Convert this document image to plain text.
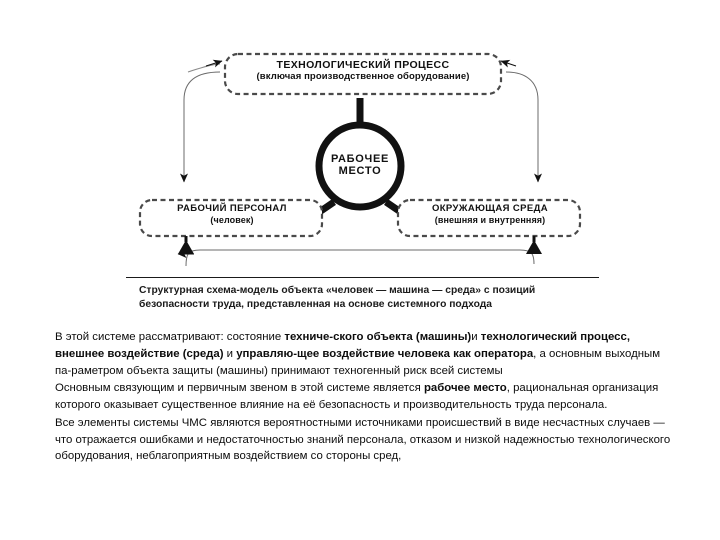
ТЕХНОЛОГИЧЕСКИЙ ПРОЦЕСС
(включая производственное оборудование)
РАБОЧИЙ ПЕРСОНАЛ
(человек)
ОКРУЖАЮЩАЯ СРЕДА
(внешняя и внутренняя)
РАБОЧЕЕ
МЕСТО
Структурная схема-модель объекта «человек — машина — среда» с позиций безопасности труда, представленная на основе системного подхода

В этой системе рассматривают: состояние техниче-ского объекта (машины)и технологический процесс, внешнее воздействие (среда) и управляю-щее воздействие человека как оператора, а основным выходным па-раметром объекта защиты (машины) принимают техногенный риск всей системы

Основным связующим и первичным звеном в этой системе является рабочее место, рациональная организация которого оказывает существенное влияние на её безопасность и производительность труда персонала.

Все элементы системы ЧМС являются вероятностными источниками происшествий в виде несчастных случаев — что отражается ошибками и недостаточностью знаний персонала, отказом и низкой надежностью технологического оборудования, неблагоприятным воздействием со стороны сред,
